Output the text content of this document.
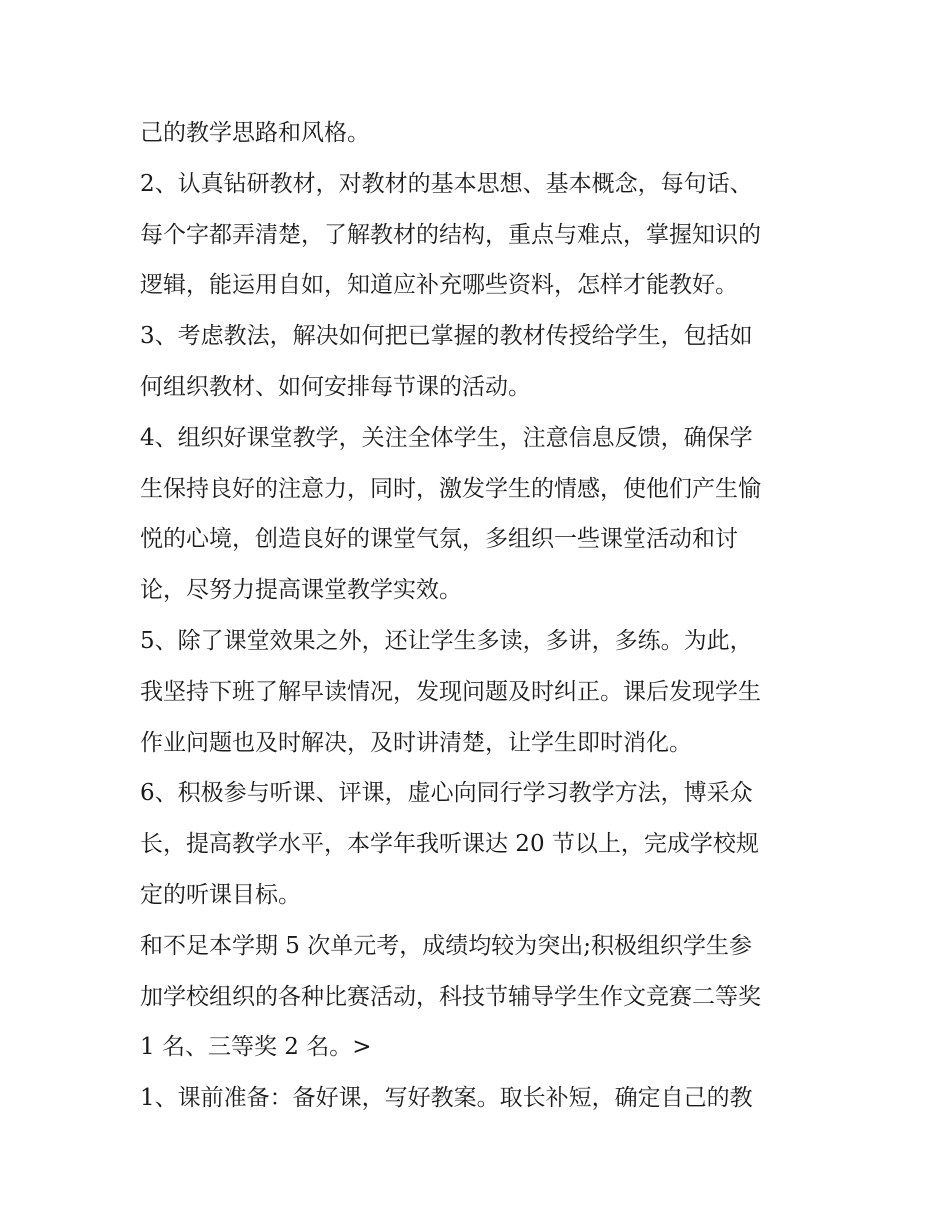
己的教学思路和风格。
2、认真钻研教材，对教材的基本思想、基本概念，每句话、
每个字都弄清楚，了解教材的结构，重点与难点，掌握知识的
逻辑，能运用自如，知道应补充哪些资料，怎样才能教好。
3、考虑教法，解决如何把已掌握的教材传授给学生，包括如
何组织教材、如何安排每节课的活动。
4、组织好课堂教学，关注全体学生，注意信息反馈，确保学
生保持良好的注意力，同时，激发学生的情感，使他们产生愉
悦的心境，创造良好的课堂气氛，多组织一些课堂活动和讨
论，尽努力提高课堂教学实效。
5、除了课堂效果之外，还让学生多读，多讲，多练。为此，
我坚持下班了解早读情况，发现问题及时纠正。课后发现学生
作业问题也及时解决，及时讲清楚，让学生即时消化。
6、积极参与听课、评课，虚心向同行学习教学方法，博采众
长，提高教学水平，本学年我听课达 20 节以上，完成学校规
定的听课目标。
和不足本学期 5 次单元考，成绩均较为突出;积极组织学生参
加学校组织的各种比赛活动，科技节辅导学生作文竞赛二等奖
1 名、三等奖 2 名。>
1、课前准备：备好课，写好教案。取长补短，确定自己的教
